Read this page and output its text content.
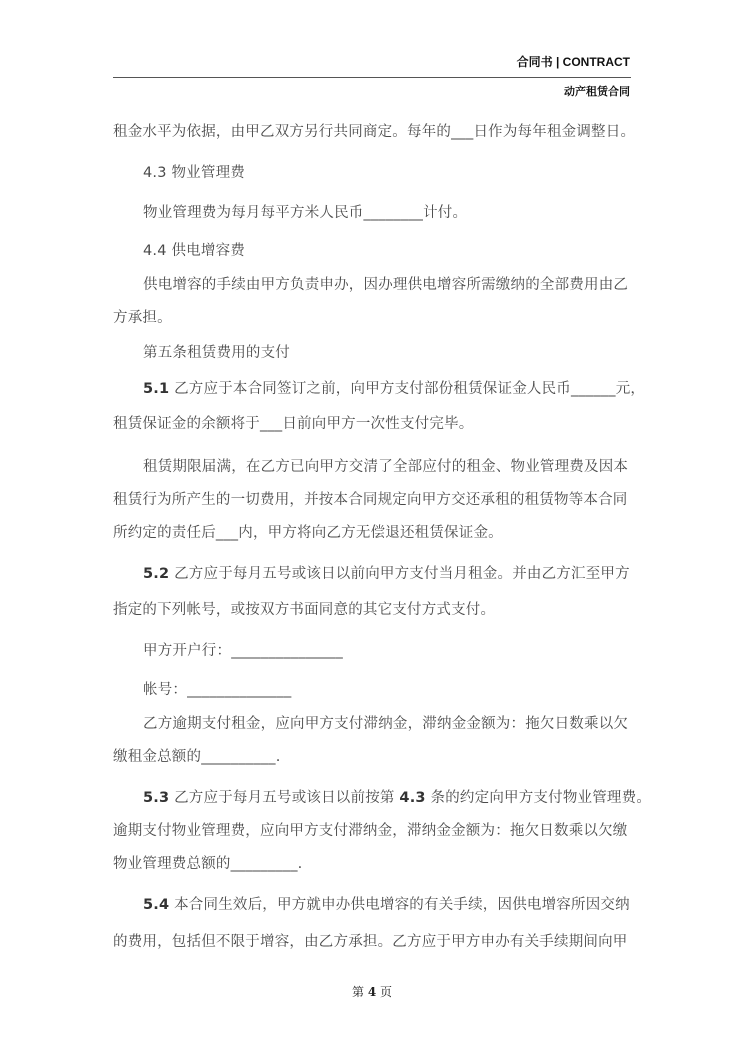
合同书 | CONTRACT
动产租赁合同
租金水平为依据，由甲乙双方另行共同商定。每年的___日作为每年租金调整日。
4.3 物业管理费
物业管理费为每月每平方米人民币________计付。
4.4 供电增容费
供电增容的手续由甲方负责申办，因办理供电增容所需缴纳的全部费用由乙
方承担。
第五条租赁费用的支付
5.1 乙方应于本合同签订之前，向甲方支付部份租赁保证金人民币______元，
租赁保证金的余额将于___日前向甲方一次性支付完毕。
租赁期限届满，在乙方已向甲方交清了全部应付的租金、物业管理费及因本
租赁行为所产生的一切费用，并按本合同规定向甲方交还承租的租赁物等本合同
所约定的责任后___内，甲方将向乙方无偿退还租赁保证金。
5.2 乙方应于每月五号或该日以前向甲方支付当月租金。并由乙方汇至甲方
指定的下列帐号，或按双方书面同意的其它支付方式支付。
甲方开户行：_______________
帐号：______________
乙方逾期支付租金，应向甲方支付滞纳金，滞纳金金额为：拖欠日数乘以欠
缴租金总额的__________.
5.3 乙方应于每月五号或该日以前按第 4.3 条的约定向甲方支付物业管理费。
逾期支付物业管理费，应向甲方支付滞纳金，滞纳金金额为：拖欠日数乘以欠缴
物业管理费总额的_________.
5.4 本合同生效后，甲方就申办供电增容的有关手续，因供电增容所因交纳
的费用，包括但不限于增容，由乙方承担。乙方应于甲方申办有关手续期间向甲
第 4 页
